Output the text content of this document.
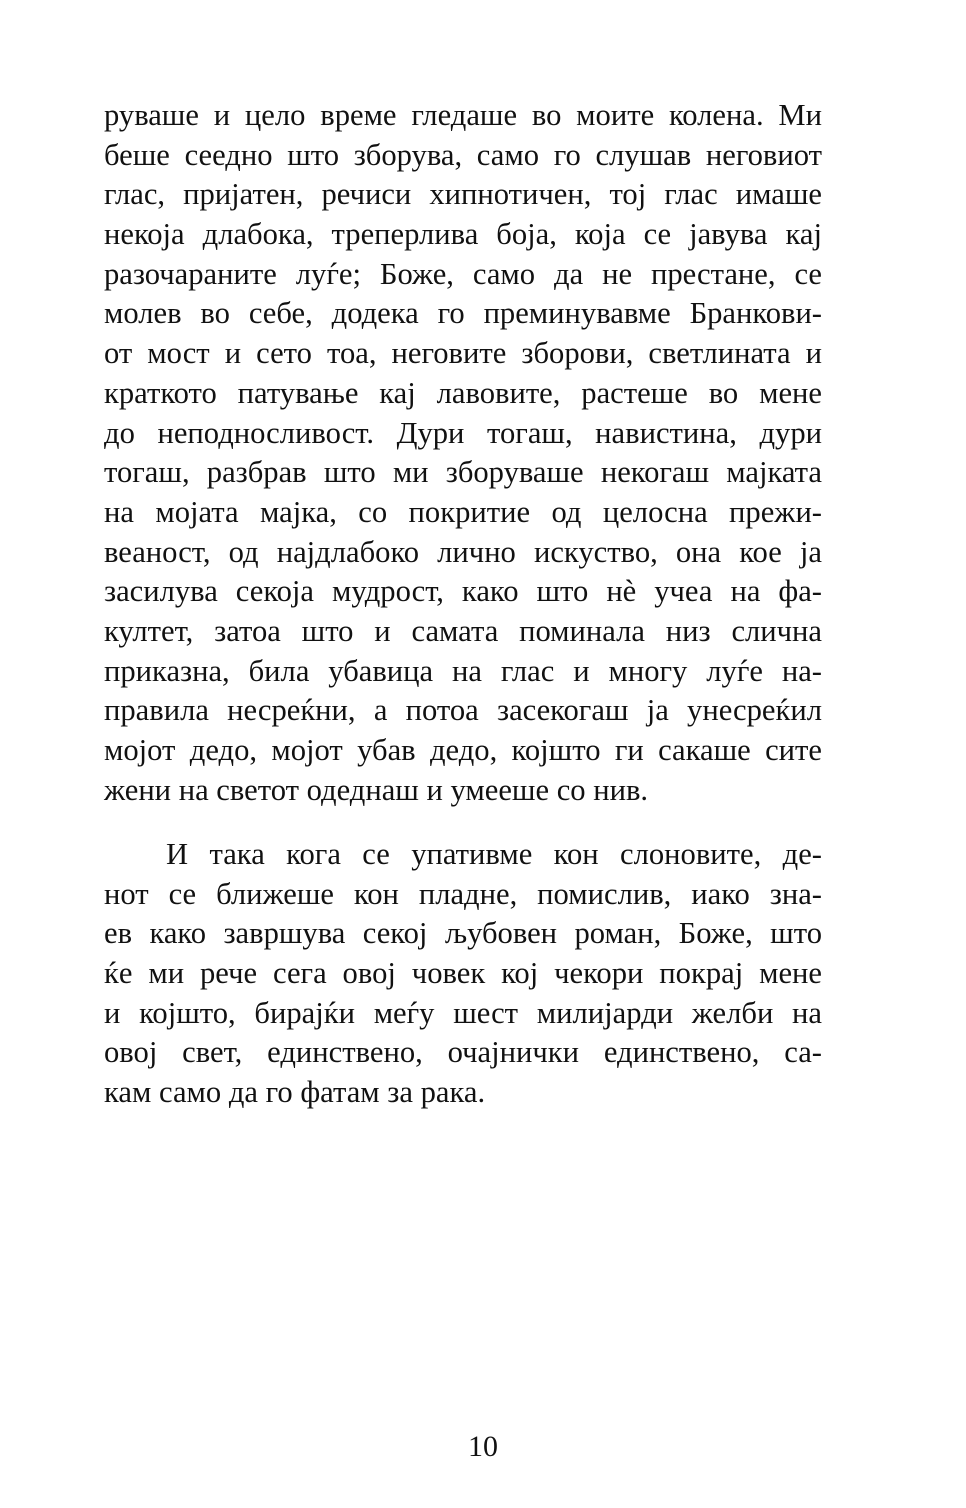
руваше и цело време гледаше во моите колена. Ми
беше сеедно што зборува, само го слушав неговиот
глас, пријатен, речиси хипнотичен, тој глас имаше
некоја длабока, треперлива боја, која се јавува кај
разочараните луѓе; Боже, само да не престане, се
молев во себе, додека го преминувавме Бранкови-
от мост и сето тоа, неговите зборови, светлината и
краткото патување кај лавовите, растеше во мене
до неподносливост. Дури тогаш, навистина, дури
тогаш, разбрав што ми зборуваше некогаш мајката
на мојата мајка, со покритие од целосна прежи-
веаност, од најдлабоко лично искуство, она кое ја
засилува секоја мудрост, како што нѐ учеа на фа-
култет, затоа што и самата поминала низ слична
приказна, била убавица на глас и многу луѓе на-
правила несреќни, а потоа засекогаш ја унесреќил
мојот дедо, мојот убав дедо, којшто ги сакаше сите
жени на светот одеднаш и умееше со нив.
И така кога се упативме кон слоновите, де-
нот се ближеше кон пладне, помислив, иако зна-
ев како завршува секој љубовен роман, Боже, што
ќе ми рече сега овој човек кој чекори покрај мене
и којшто, бирајќи меѓу шест милијарди желби на
овој свет, единствено, очајнички единствено, са-
кам само да го фатам за рака.
10
